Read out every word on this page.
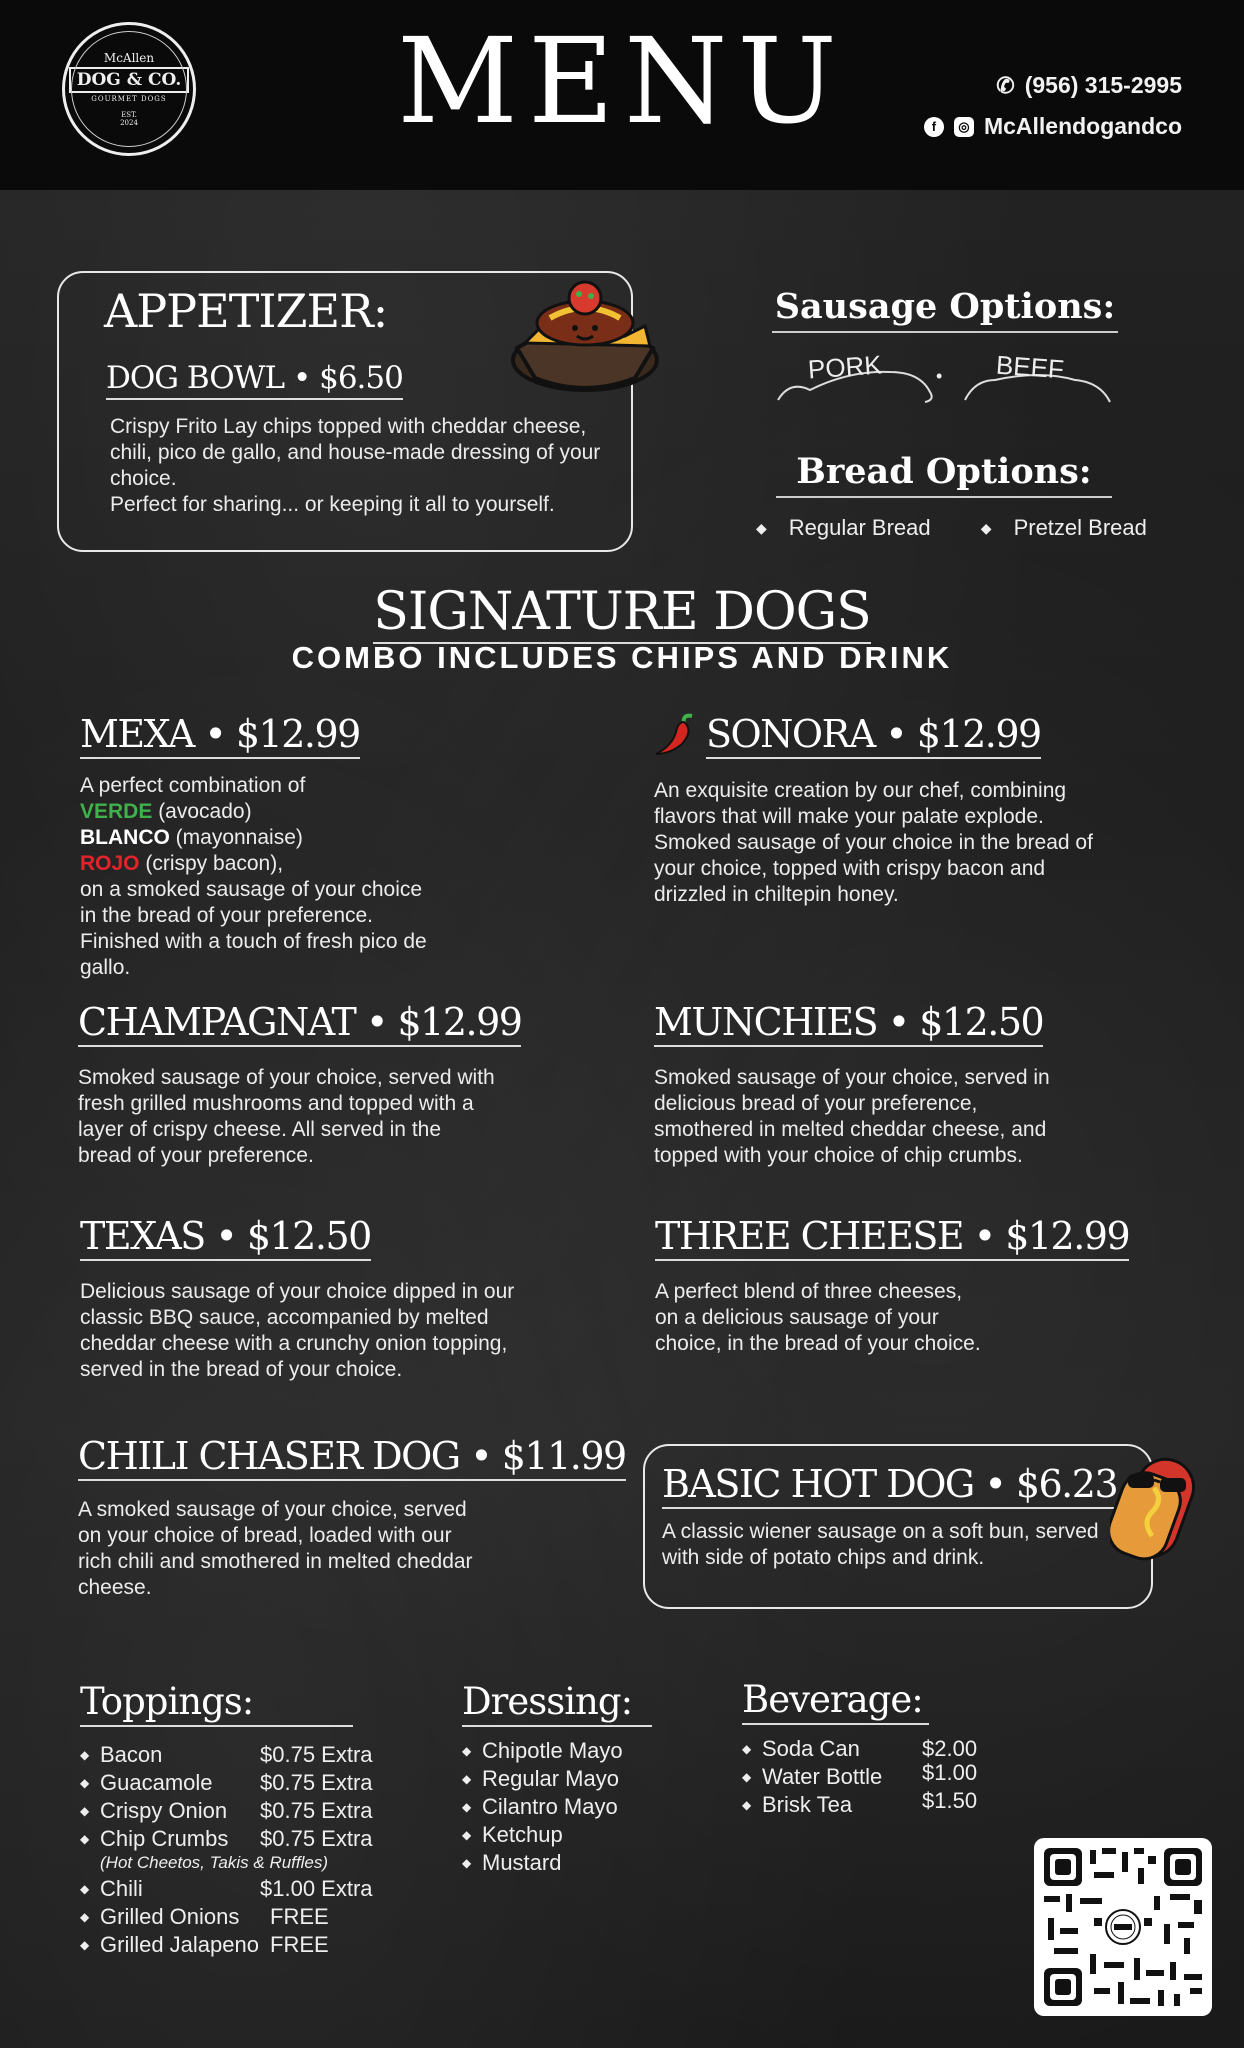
McAllen
DOG & CO.
GOURMET DOGS
EST.
2024	MENU	✆ (956) 315-2995
f	◎ McAllendogandco
APPETIZER:
DOG BOWL • $6.50
Crispy Frito Lay chips topped with cheddar cheese, chili, pico de gallo, and house-made dressing of your choice.
Perfect for sharing... or keeping it all to yourself.
Sausage Options:
PORK	• BEEF
Bread Options:
◆ Regular Bread	◆ Pretzel Bread
SIGNATURE DOGS
COMBO INCLUDES CHIPS AND DRINK
MEXA • $12.99
A perfect combination of
VERDE (avocado)
BLANCO (mayonnaise)
ROJO (crispy bacon),
on a smoked sausage of your choice in the bread of your preference. Finished with a touch of fresh pico de gallo.
SONORA • $12.99
An exquisite creation by our chef, combining flavors that will make your palate explode.
Smoked sausage of your choice in the bread of your choice, topped with crispy bacon and drizzled in chiltepin honey.
CHAMPAGNAT • $12.99
Smoked sausage of your choice, served with fresh grilled mushrooms and topped with a layer of crispy cheese. All served in the bread of your preference.
MUNCHIES • $12.50
Smoked sausage of your choice, served in delicious bread of your preference, smothered in melted cheddar cheese, and topped with your choice of chip crumbs.
TEXAS • $12.50
Delicious sausage of your choice dipped in our classic BBQ sauce, accompanied by melted cheddar cheese with a crunchy onion topping, served in the bread of your choice.
THREE CHEESE • $12.99
A perfect blend of three cheeses, on a delicious sausage of your choice, in the bread of your choice.
CHILI CHASER DOG • $11.99
A smoked sausage of your choice, served on your choice of bread, loaded with our rich chili and smothered in melted cheddar cheese.
BASIC HOT DOG • $6.23
A classic wiener sausage on a soft bun, served with side of potato chips and drink.
Toppings:
◆ Bacon	$0.75 Extra
◆ Guacamole $0.75 Extra
◆ Crispy Onion $0.75 Extra
◆ Chip Crumbs $0.75 Extra
(Hot Cheetos, Takis & Ruffles)
◆ Chili	$1.00 Extra
◆ Grilled Onions FREE
◆ Grilled Jalapeno FREE
Dressing:
◆ Chipotle Mayo
◆ Regular Mayo
◆ Cilantro Mayo
◆ Ketchup
◆ Mustard
Beverage:
◆ Soda Can	$2.00
◆ Water Bottle $1.00
◆ Brisk Tea	$1.50
